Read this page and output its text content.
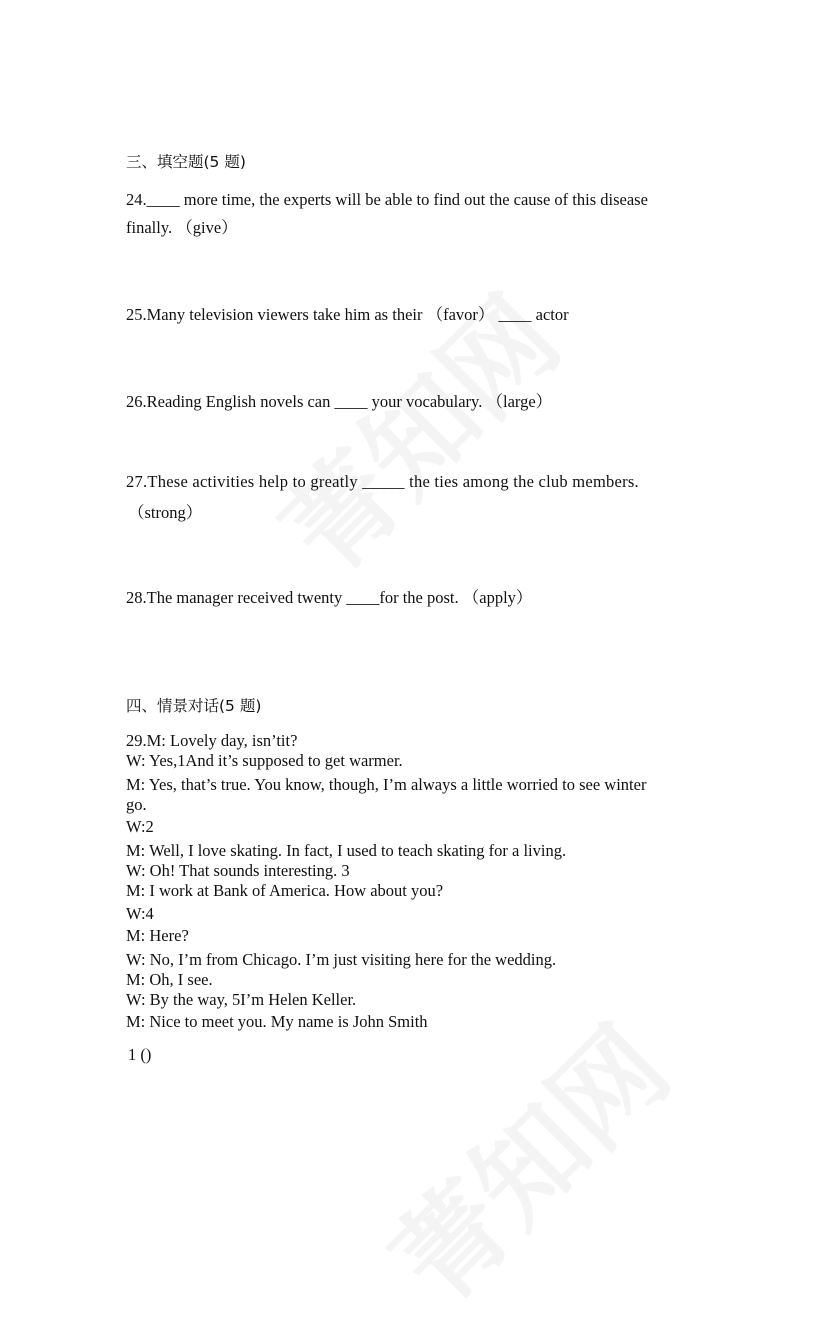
三、填空题(5 题)
24.____ more time, the experts will be able to find out the cause of this disease
finally. （give）
25.Many television viewers take him as their （favor） ____ actor
26.Reading English novels can ____ your vocabulary. （large）
27.These activities help to greatly _____ the ties among the club members.
（strong）
28.The manager received twenty ____for the post. （apply）
四、情景对话(5 题)
29.M: Lovely day, isn’tit?
W: Yes,1And it’s supposed to get warmer.
M: Yes, that’s true. You know, though, I’m always a little worried to see winter
go.
W:2
M: Well, I love skating. In fact, I used to teach skating for a living.
W: Oh! That sounds interesting. 3
M: I work at Bank of America. How about you?
W:4
M: Here?
W: No, I’m from Chicago. I’m just visiting here for the wedding.
M: Oh, I see.
W: By the way, 5I’m Helen Keller.
M: Nice to meet you. My name is John Smith
1 ()
